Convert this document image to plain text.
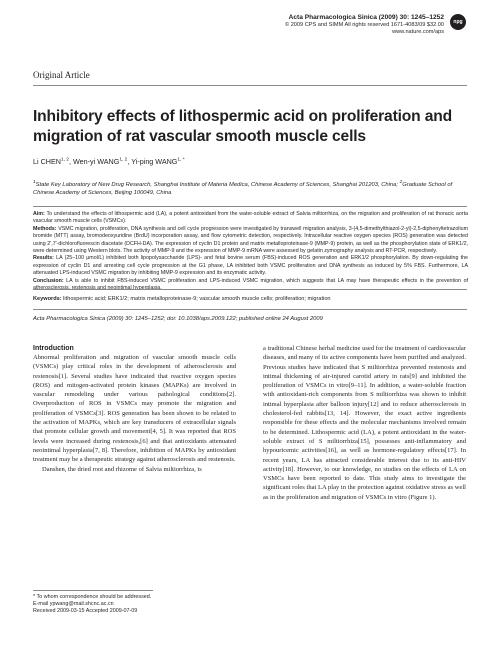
Acta Pharmacologica Sinica (2009) 30: 1245–1252
© 2009 CPS and SIMM All rights reserved 1671-4083/09 $32.00
www.nature.com/aps
npg
Original Article
Inhibitory effects of lithospermic acid on proliferation and migration of rat vascular smooth muscle cells
Li CHEN$^{1, 2}$, Wen-yi WANG$^{1, 2}$, Yi-ping $WANG^{1, *}$
$^1$State Key Laboratory of New Drug Research, Shanghai Institute of Materia Medica, Chinese Academy of Sciences, Shanghai 201203, China; $^2$Graduate School of Chinese Academy of Sciences, Beijing 100049, China

Aim: To understand the effects of lithospermic acid (LA), a potent antioxidant from the water-soluble extract of Salvia miltiorrhiza, on the migration and proliferation of rat thoracic aorta vascular smooth muscle cells (VSMCs).

Methods: VSMC migration, proliferation, DNA synthesis and cell cycle progression were investigated by transwell migration analysis, 3-(4,5-dimethylthiazol-2-yl)-2,5-diphenyltetrazolium bromide (MTT) assay, bromodeoxyuridine (BrdU) incorporation assay, and flow cytometric detection, respectively. Intracellular reactive oxygen species (ROS) generation was detected using 2',7'-dichlorofluorescin diacetate (DCFH-DA). The expression of cyclin D1 protein and matrix metalloproteinase-9 (MMP-9) protein, as well as the phosphorylation state of ERK1/2, were determined using Western blots. The activity of MMP-9 and the expression of MMP-9 mRNA were assessed by gelatin zymography analysis and RT-PCR, respectively.

Results: LA (25–100 µmol/L) inhibited both lipopolysaccharide (LPS)- and fetal bovine serum (FBS)-induced ROS generation and ERK1/2 phosphorylation. By down-regulating the expression of cyclin D1 and arresting cell cycle progression at the G1 phase, LA inhibited both VSMC proliferation and DNA synthesis as induced by 5% FBS. Furthermore, LA attenuated LPS-induced VSMC migration by inhibiting MMP-9 expression and its enzymatic activity.

Conclusion: LA is able to inhibit FBS-induced VSMC proliferation and LPS-induced VSMC migration, which suggests that LA may have therapeutic effects in the prevention of atherosclerosis, restenosis and neointimal hyperplasia.

Keywords: lithospermic acid; ERK1/2; matrix metalloproteinase-9; vascular smooth muscle cells; proliferation; migration
Acta Pharmacologica Sinica (2009) 30: 1245–1252; doi: 10.1038/aps.2009.122; published online 24 August 2009
Introduction

Abnormal proliferation and migration of vascular smooth muscle cells (VSMCs) play critical roles in the development of atherosclerosis and restenosis[1]. Several studies have indicated that reactive oxygen species (ROS) and mitogen-activated protein kinases (MAPKs) are involved in vascular remodeling under various pathological conditions[2]. Overproduction of ROS in VSMCs may promote the migration and proliferation of VSMCs[3]. ROS generation has been shown to be related to the activation of MAPKs, which are key transducers of extracellular signals that promote cellular growth and movement[4, 5]. It was reported that ROS levels were increased during restenosis,[6] and that antioxidants attenuated neointimal hyperplasia[7, 8]. Therefore, inhibition of MAPKs by antioxidant treatment may be a therapeutic strategy against atherosclerosis and restenosis.

Danshen, the dried root and rhizome of Salvia miltiorrhiza, is

a traditional Chinese herbal medicine used for the treatment of cardiovascular diseases, and many of its active components have been purified and analyzed. Previous studies have indicated that S miltiorrhiza prevented restenosis and intimal thickening of air-injured carotid artery in rats[9] and inhibited the proliferation of VSMCs in vitro[9–11]. In addition, a water-soluble fraction with antioxidant-rich components from S miltiorrhiza was shown to inhibit intimal hyperplasia after balloon injury[12] and to reduce atherosclerosis in cholesterol-fed rabbits[13, 14]. However, the exact active ingredients responsible for these effects and the molecular mechanisms involved remain to be determined. Lithospermic acid (LA), a potent antioxidant in the water-soluble extract of S miltiorrhiza[15], possesses anti-inflammatory and hypouricemic activities[16], as well as hormone-regulatory effects[17]. In recent years, LA has attracted considerable interest due to its anti-HIV activity[18]. However, to our knowledge, no studies on the effects of LA on VSMCs have been reported to date. This study aims to investigate the significant roles that LA play in the protection against oxidative stress as well as in the proliferation and migration of VSMCs in vitro (Figure 1).

* To whom correspondence should be addressed.
E-mail ypwang@mail.shcnc.ac.cn
Received 2009-03-15 Accepted 2009-07-09
